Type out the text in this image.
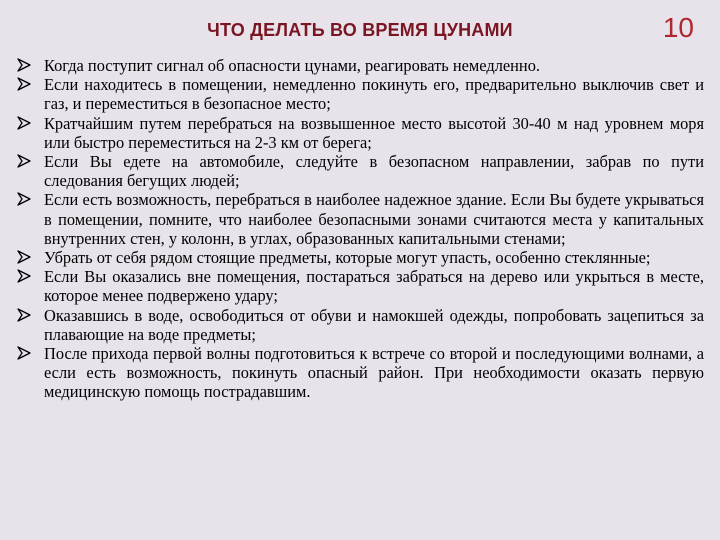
ЧТО ДЕЛАТЬ ВО ВРЕМЯ ЦУНАМИ	10
Когда поступит сигнал об опасности цунами, реагировать немедленно.
Если находитесь в помещении, немедленно покинуть его, предварительно выключив свет и газ, и переместиться в безопасное место;
Кратчайшим путем перебраться на возвышенное место высотой 30-40 м над уровнем моря или быстро переместиться на 2-3 км от берега;
Если Вы едете на автомобиле, следуйте в безопасном направлении, забрав по пути следования бегущих людей;
Если есть возможность, перебраться в наиболее надежное здание. Если Вы будете укрываться в помещении, помните, что наиболее безопасными зонами считаются места у капитальных внутренних стен, у колонн, в углах, образованных капитальными стенами;
Убрать от себя рядом стоящие предметы, которые могут упасть, особенно стеклянные;
Если Вы оказались вне помещения, постараться забраться на дерево или укрыться в месте, которое менее подвержено удару;
Оказавшись в воде, освободиться от обуви и намокшей одежды, попробовать зацепиться за плавающие на воде предметы;
После прихода первой волны подготовиться к встрече со второй и последующими волнами, а если есть возможность, покинуть опасный район. При необходимости оказать первую медицинскую помощь пострадавшим.
